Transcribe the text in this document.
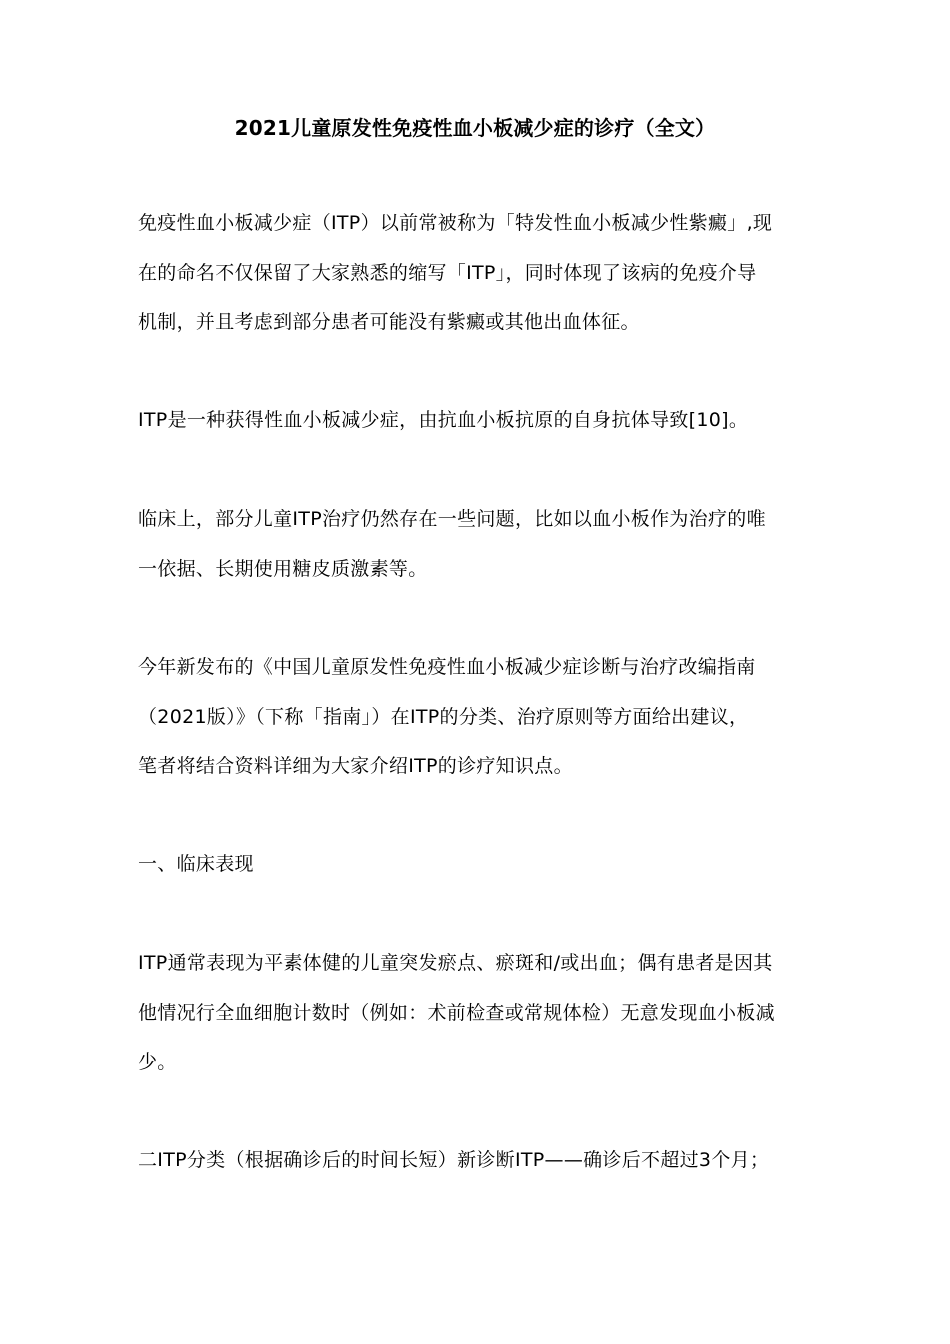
2021儿童原发性免疫性血小板减少症的诊疗（全文）
免疫性血小板减少症（ITP）以前常被称为「特发性血小板减少性紫癜」,现
在的命名不仅保留了大家熟悉的缩写「ITP」，同时体现了该病的免疫介导
机制，并且考虑到部分患者可能没有紫癜或其他出血体征。
ITP是一种获得性血小板减少症，由抗血小板抗原的自身抗体导致[10]。
临床上，部分儿童ITP治疗仍然存在一些问题，比如以血小板作为治疗的唯
一依据、长期使用糖皮质激素等。
今年新发布的《中国儿童原发性免疫性血小板减少症诊断与治疗改编指南
（2021版）》（下称「指南」）在ITP的分类、治疗原则等方面给出建议，
笔者将结合资料详细为大家介绍ITP的诊疗知识点。
一、临床表现
ITP通常表现为平素体健的儿童突发瘀点、瘀斑和/或出血；偶有患者是因其
他情况行全血细胞计数时（例如：术前检查或常规体检）无意发现血小板减
少。
二ITP分类（根据确诊后的时间长短）新诊断ITP——确诊后不超过3个月；
